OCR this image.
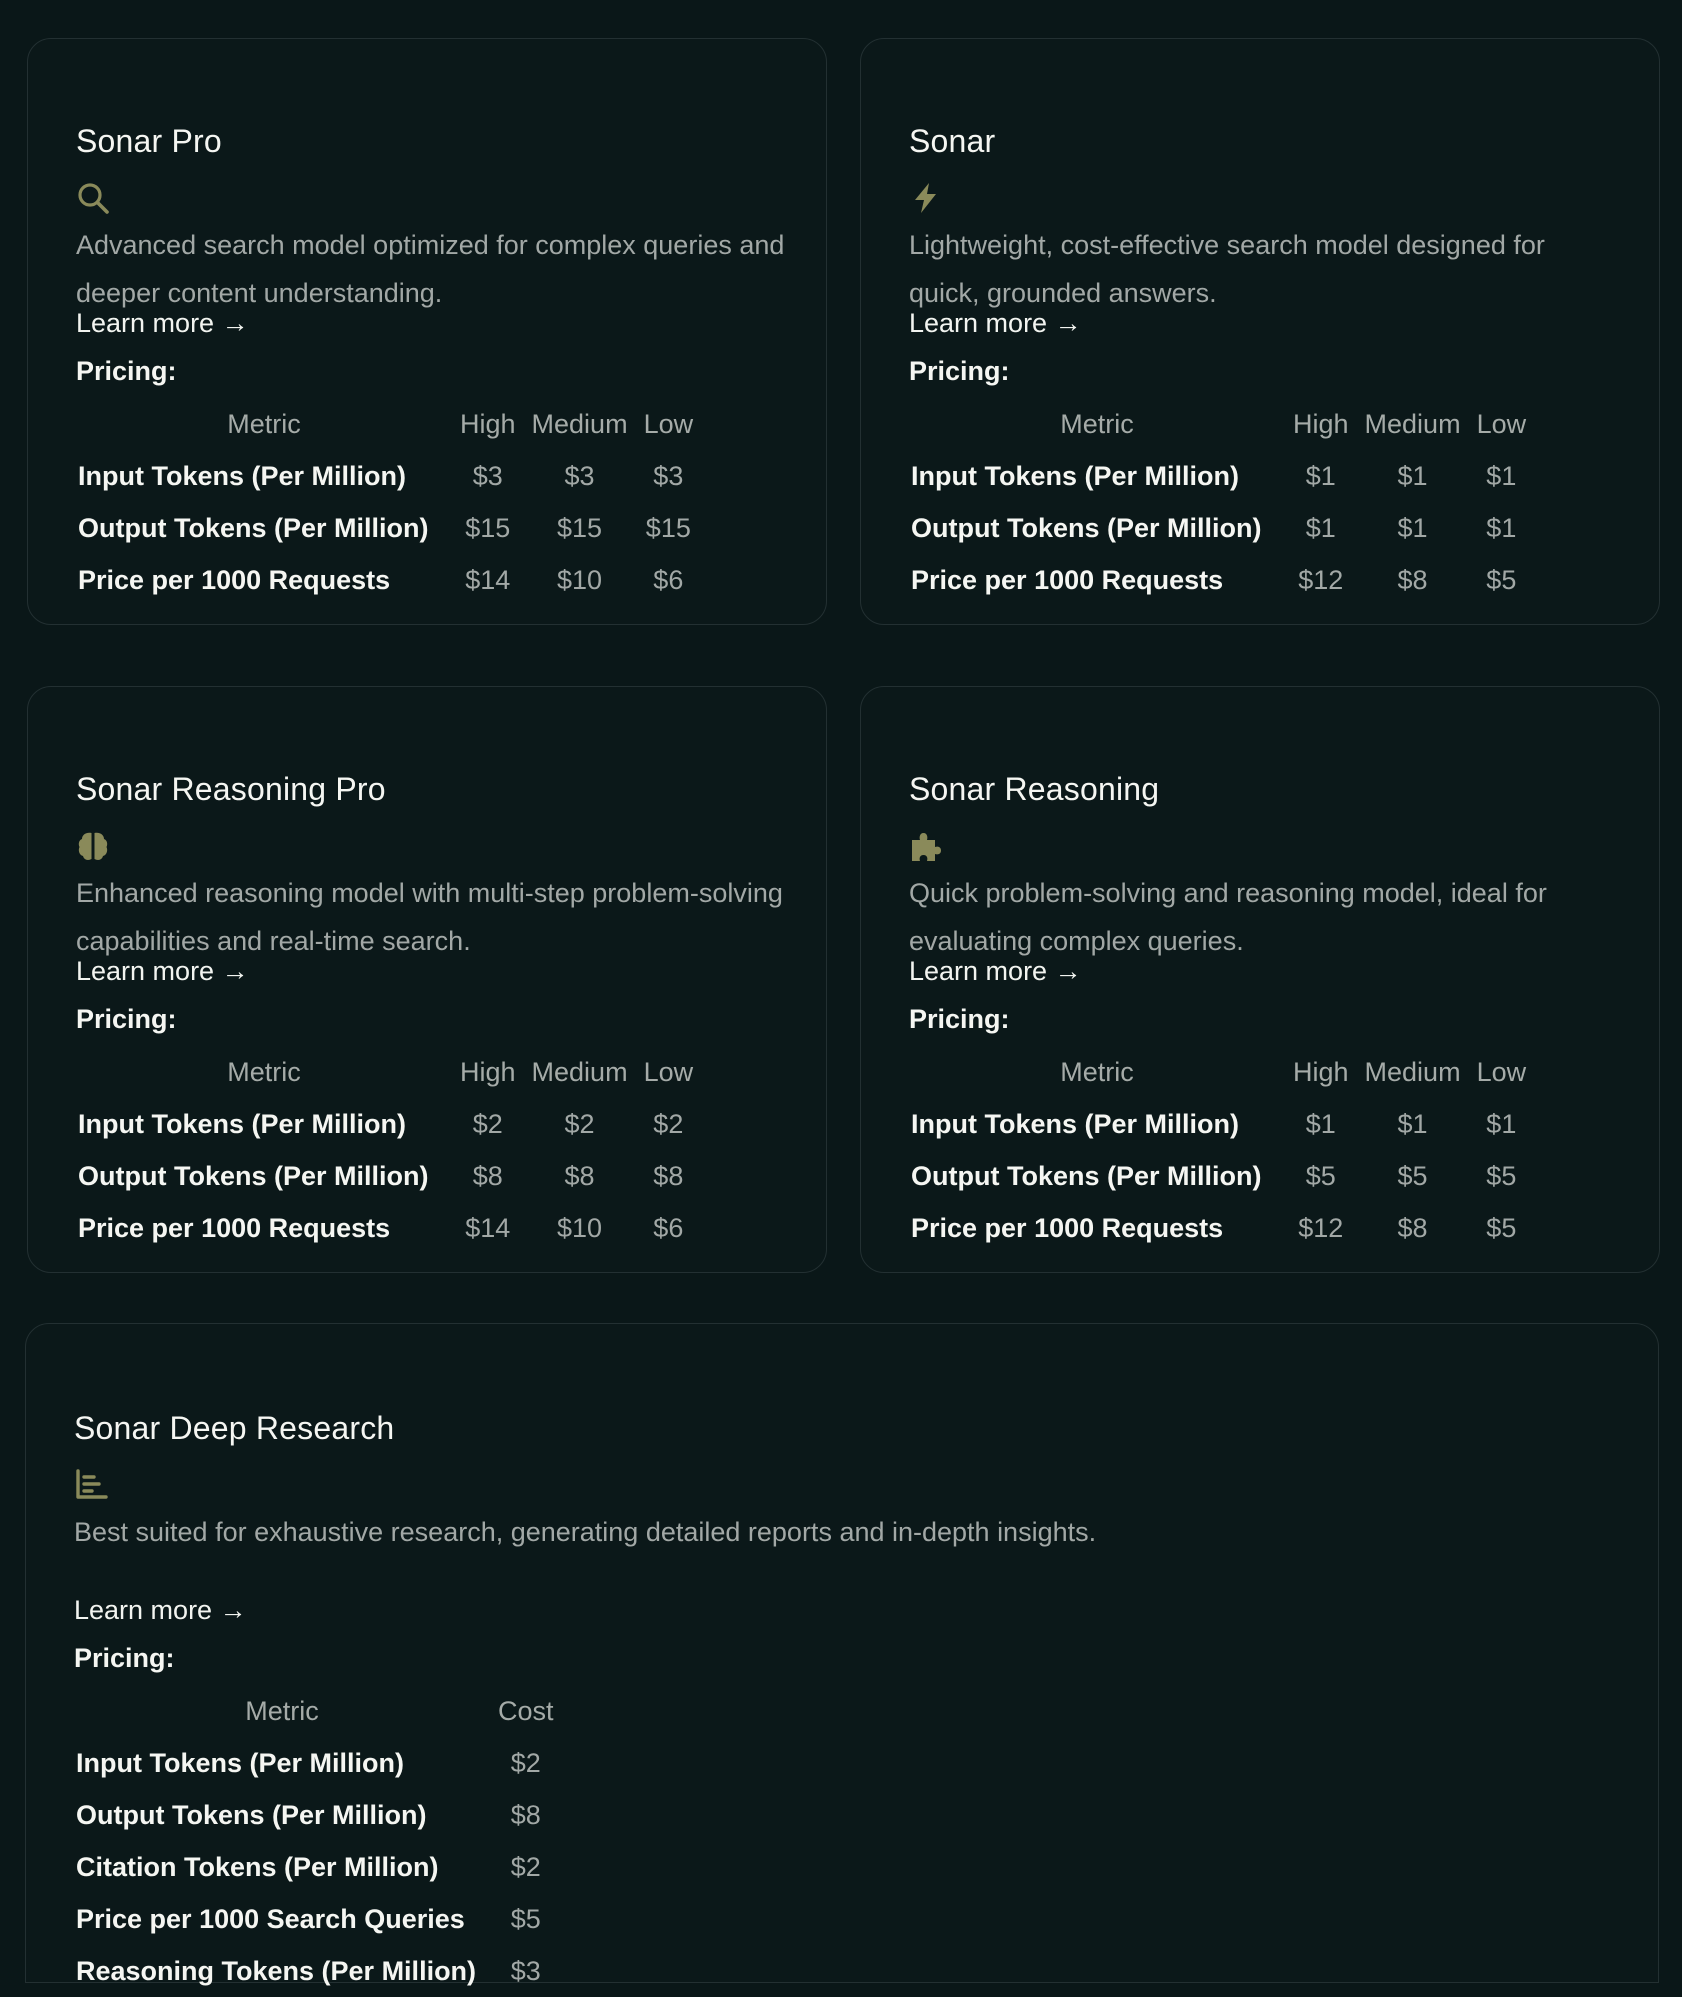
Sonar Pro

Advanced search model optimized for complex queries and deeper content understanding.

Learn more →

Pricing:

Metric	High	Medium	Low
Input Tokens (Per Million)	$3	$3	$3
Output Tokens (Per Million)	$15	$15	$15
Price per 1000 Requests	$14	$10	$6
Sonar

Lightweight, cost-effective search model designed for quick, grounded answers.

Learn more →

Pricing:

Metric	High	Medium	Low
Input Tokens (Per Million)	$1	$1	$1
Output Tokens (Per Million)	$1	$1	$1
Price per 1000 Requests	$12	$8	$5
Sonar Reasoning Pro

Enhanced reasoning model with multi-step problem-solving capabilities and real-time search.

Learn more →

Pricing:

Metric	High	Medium	Low
Input Tokens (Per Million)	$2	$2	$2
Output Tokens (Per Million)	$8	$8	$8
Price per 1000 Requests	$14	$10	$6
Sonar Reasoning

Quick problem-solving and reasoning model, ideal for evaluating complex queries.

Learn more →

Pricing:

Metric	High	Medium	Low
Input Tokens (Per Million)	$1	$1	$1
Output Tokens (Per Million)	$5	$5	$5
Price per 1000 Requests	$12	$8	$5
Sonar Deep Research

Best suited for exhaustive research, generating detailed reports and in-depth insights.

Learn more →

Pricing:

Metric	Cost
Input Tokens (Per Million)	$2
Output Tokens (Per Million)	$8
Citation Tokens (Per Million)	$2
Price per 1000 Search Queries	$5
Reasoning Tokens (Per Million)	$3
